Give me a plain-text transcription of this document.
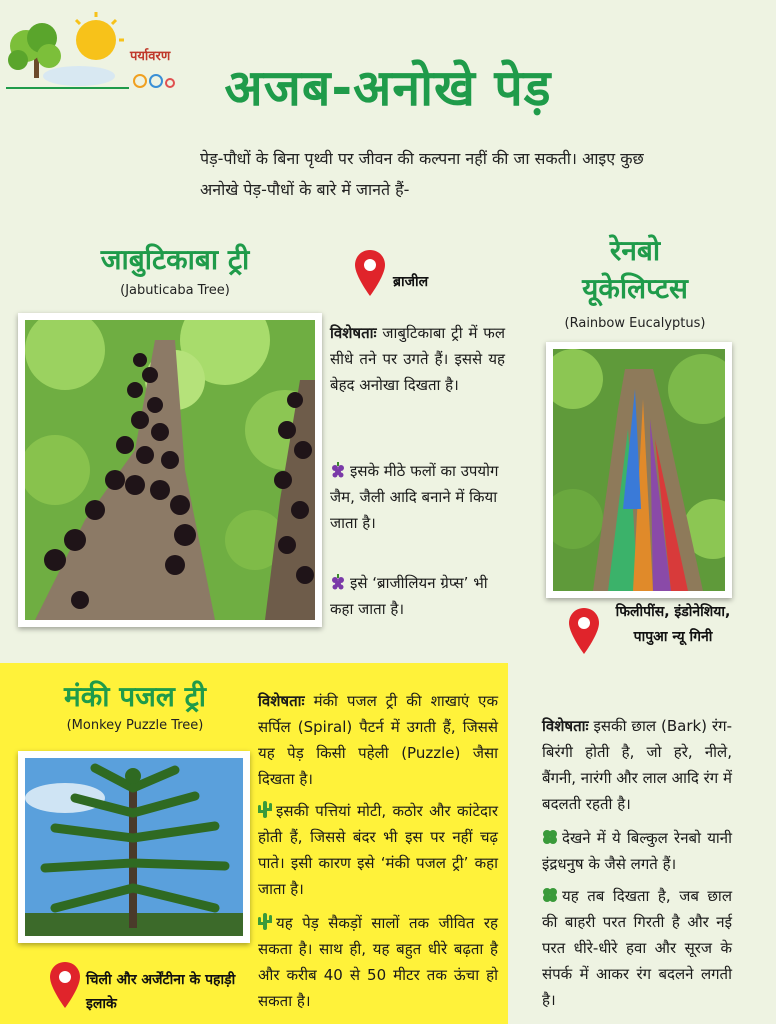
पर्यावरण
अजब-अनोखे पेड़
पेड़-पौधों के बिना पृथ्वी पर जीवन की कल्पना नहीं की जा सकती। आइए कुछ अनोखे पेड़-पौधों के बारे में जानते हैं-
जाबुटिकाबा ट्री
(Jabuticaba Tree)
ब्राजील
विशेषताः जाबुटिकाबा ट्री में फल सीधे तने पर उगते हैं। इससे यह बेहद अनोखा दिखता है।
इसके मीठे फलों का उपयोग जैम, जैली आदि बनाने में किया जाता है।
इसे ‘ब्राजीलियन ग्रेप्स’ भी कहा जाता है।
रेनबो यूकेलिप्टस
(Rainbow Eucalyptus)
फिलीपींस, इंडोनेशिया, पापुआ न्यू गिनी
विशेषताः इसकी छाल (Bark) रंग-बिरंगी होती है, जो हरे, नीले, बैंगनी, नारंगी और लाल आदि रंग में बदलती रहती है।
देखने में ये बिल्कुल रेनबो यानी इंद्रधनुष के जैसे लगते हैं।
यह तब दिखता है, जब छाल की बाहरी परत गिरती है और नई परत धीरे-धीरे हवा और सूरज के संपर्क में आकर रंग बदलने लगती है।
मंकी पजल ट्री
(Monkey Puzzle Tree)
चिली और अर्जेंटीना के पहाड़ी इलाके
विशेषताः मंकी पजल ट्री की शाखाएं एक सर्पिल (Spiral) पैटर्न में उगती हैं, जिससे यह पेड़ किसी पहेली (Puzzle) जैसा दिखता है।
इसकी पत्तियां मोटी, कठोर और कांटेदार होती हैं, जिससे बंदर भी इस पर नहीं चढ़ पाते। इसी कारण इसे ‘मंकी पजल ट्री’ कहा जाता है।
यह पेड़ सैकड़ों सालों तक जीवित रह सकता है। साथ ही, यह बहुत धीरे बढ़ता है और करीब 40 से 50 मीटर तक ऊंचा हो सकता है।
